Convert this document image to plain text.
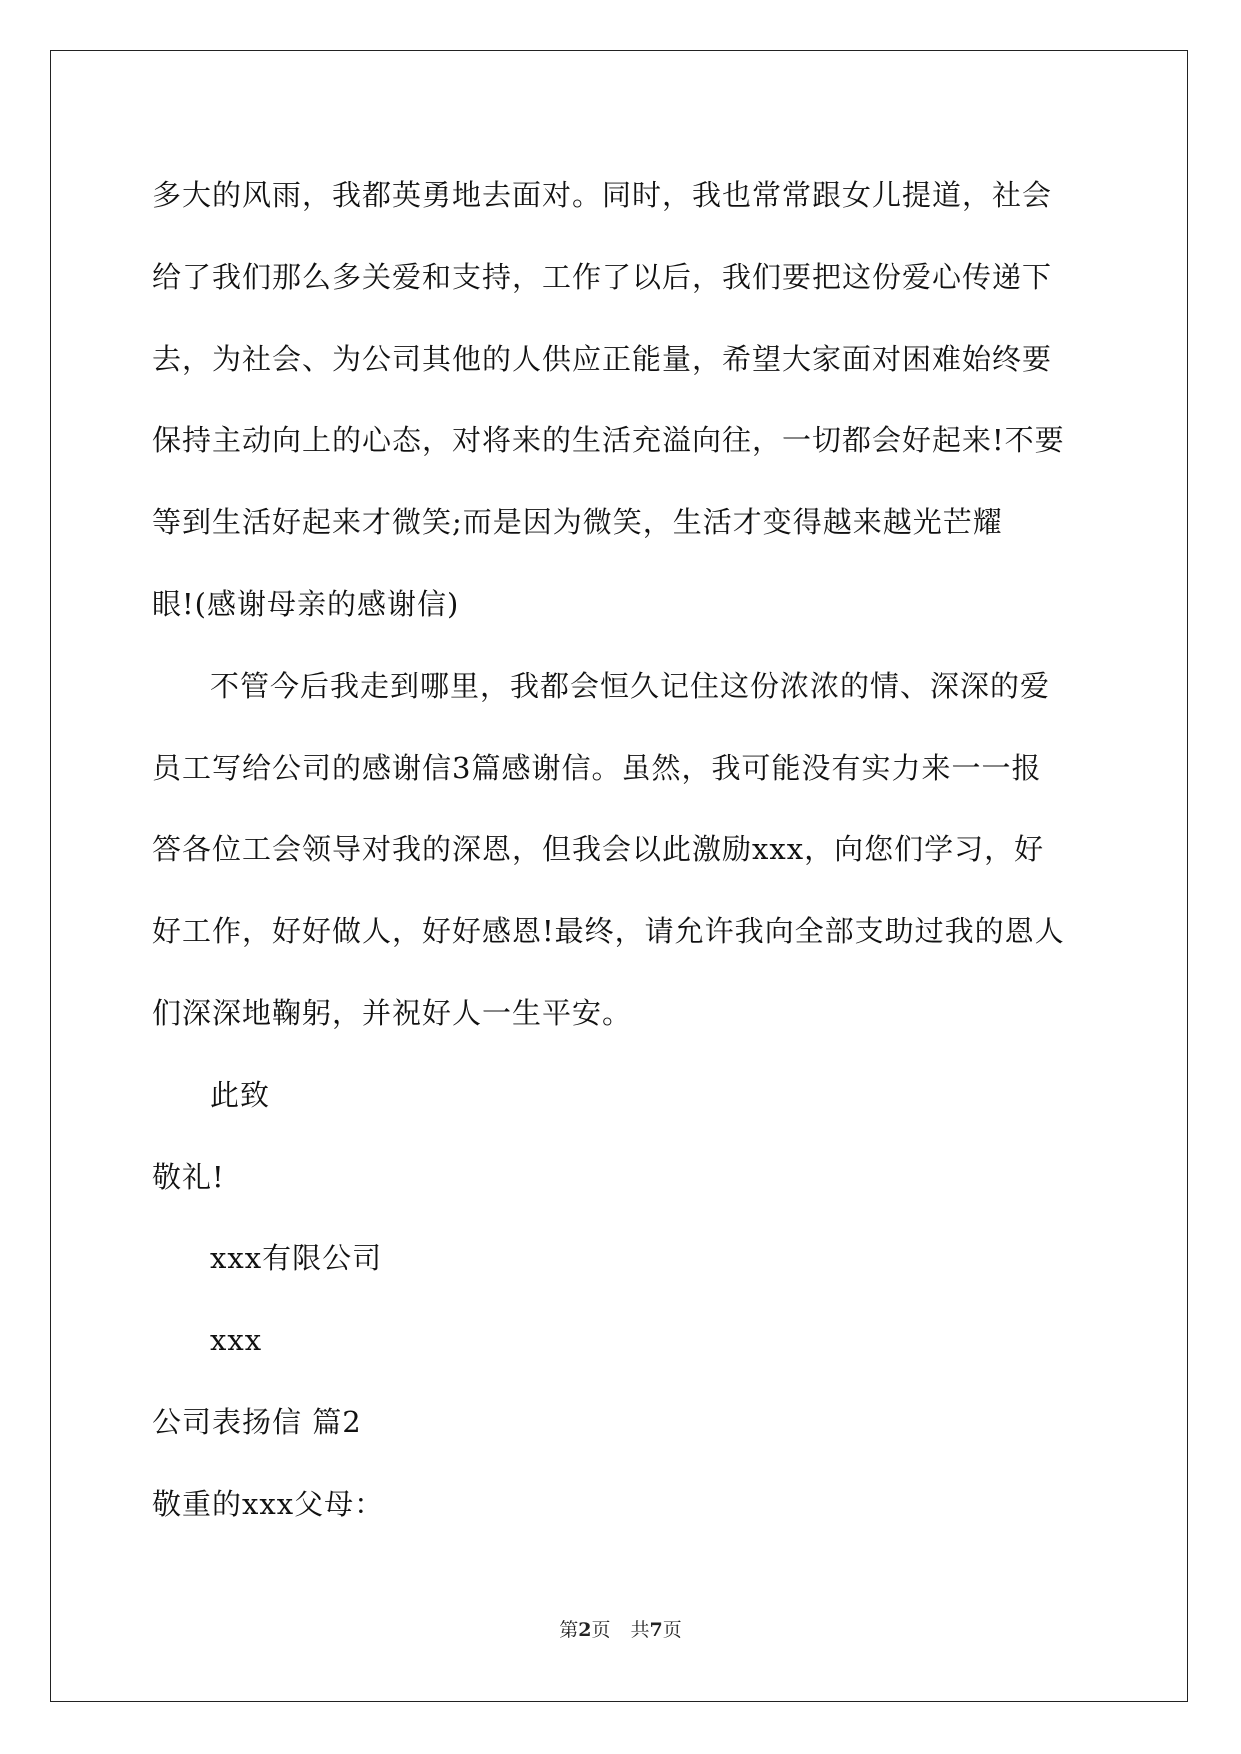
多大的风雨，我都英勇地去面对。同时，我也常常跟女儿提道，社会

给了我们那么多关爱和支持，工作了以后，我们要把这份爱心传递下

去，为社会、为公司其他的人供应正能量，希望大家面对困难始终要

保持主动向上的心态，对将来的生活充溢向往，一切都会好起来!不要

等到生活好起来才微笑;而是因为微笑，生活才变得越来越光芒耀

眼!(感谢母亲的感谢信)

不管今后我走到哪里，我都会恒久记住这份浓浓的情、深深的爱

员工写给公司的感谢信3篇感谢信。虽然，我可能没有实力来一一报

答各位工会领导对我的深恩，但我会以此激励xxx，向您们学习，好

好工作，好好做人，好好感恩!最终，请允许我向全部支助过我的恩人

们深深地鞠躬，并祝好人一生平安。

此致

敬礼!

xxx有限公司

xxx

公司表扬信 篇2

敬重的xxx父母：

第2页 共7页
